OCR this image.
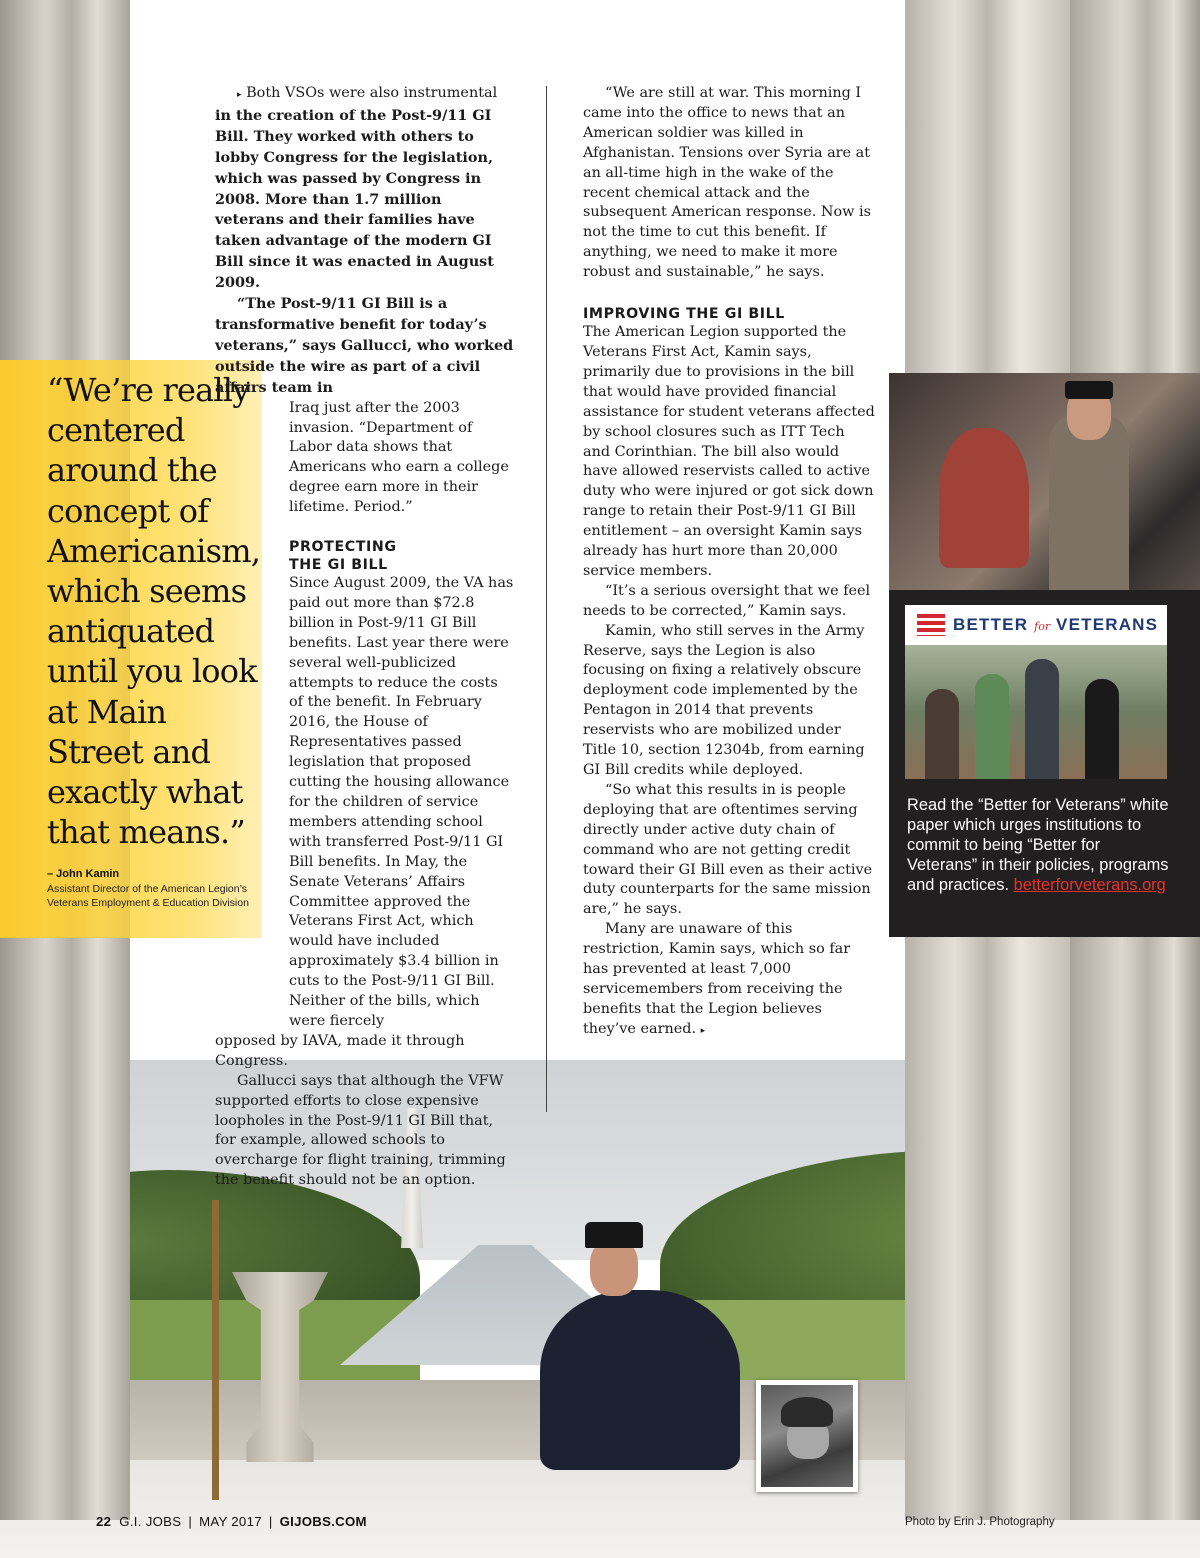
“We’re really centered around the concept of Americanism, which seems antiquated until you look at Main Street and exactly what that means.”

– John Kamin

Assistant Director of the American Legion’s Veterans Employment & Education Division

▸ Both VSOs were also instrumental in the creation of the Post-9/11 GI Bill. They worked with others to lobby Congress for the legislation, which was passed by Congress in 2008. More than 1.7 million veterans and their families have taken advantage of the modern GI Bill since it was enacted in August 2009.

“The Post-9/11 GI Bill is a transformative benefit for today’s veterans,” says Gallucci, who worked outside the wire as part of a civil affairs team in

Iraq just after the 2003 invasion. “Department of Labor data shows that Americans who earn a college degree earn more in their lifetime. Period.”

PROTECTING
THE GI BILL

Since August 2009, the VA has paid out more than $72.8 billion in Post-9/11 GI Bill benefits. Last year there were several well-publicized attempts to reduce the costs of the benefit. In February 2016, the House of Representatives passed legislation that proposed cutting the housing allowance for the children of service members attending school with transferred Post-9/11 GI Bill benefits. In May, the Senate Veterans’ Affairs Committee approved the Veterans First Act, which would have included approximately $3.4 billion in cuts to the Post-9/11 GI Bill. Neither of the bills, which were fiercely

opposed by IAVA, made it through Congress.

Gallucci says that although the VFW supported efforts to close expensive loopholes in the Post-9/11 GI Bill that, for example, allowed schools to overcharge for flight training, trimming the benefit should not be an option.

“We are still at war. This morning I came into the office to news that an American soldier was killed in Afghanistan. Tensions over Syria are at an all-time high in the wake of the recent chemical attack and the subsequent American response. Now is not the time to cut this benefit. If anything, we need to make it more robust and sustainable,” he says.

IMPROVING THE GI BILL

The American Legion supported the Veterans First Act, Kamin says, primarily due to provisions in the bill that would have provided financial assistance for student veterans affected by school closures such as ITT Tech and Corinthian. The bill also would have allowed reservists called to active duty who were injured or got sick down range to retain their Post-9/11 GI Bill entitlement – an oversight Kamin says already has hurt more than 20,000 service members.

“It’s a serious oversight that we feel needs to be corrected,” Kamin says.

Kamin, who still serves in the Army Reserve, says the Legion is also focusing on fixing a relatively obscure deployment code implemented by the Pentagon in 2014 that prevents reservists who are mobilized under Title 10, section 12304b, from earning GI Bill credits while deployed.

“So what this results in is people deploying that are oftentimes serving directly under active duty chain of command who are not getting credit toward their GI Bill even as their active duty counterparts for the same mission are,” he says.

Many are unaware of this restriction, Kamin says, which so far has prevented at least 7,000 servicemembers from receiving the benefits that the Legion believes they’ve earned. ▸

BETTER for VETERANS

Read the “Better for Veterans” white paper which urges institutions to commit to being “Better for Veterans” in their policies, programs and practices. betterforveterans.org

22 G.I. JOBS | MAY 2017 | GIJOBS.COM	Photo by Erin J. Photography
